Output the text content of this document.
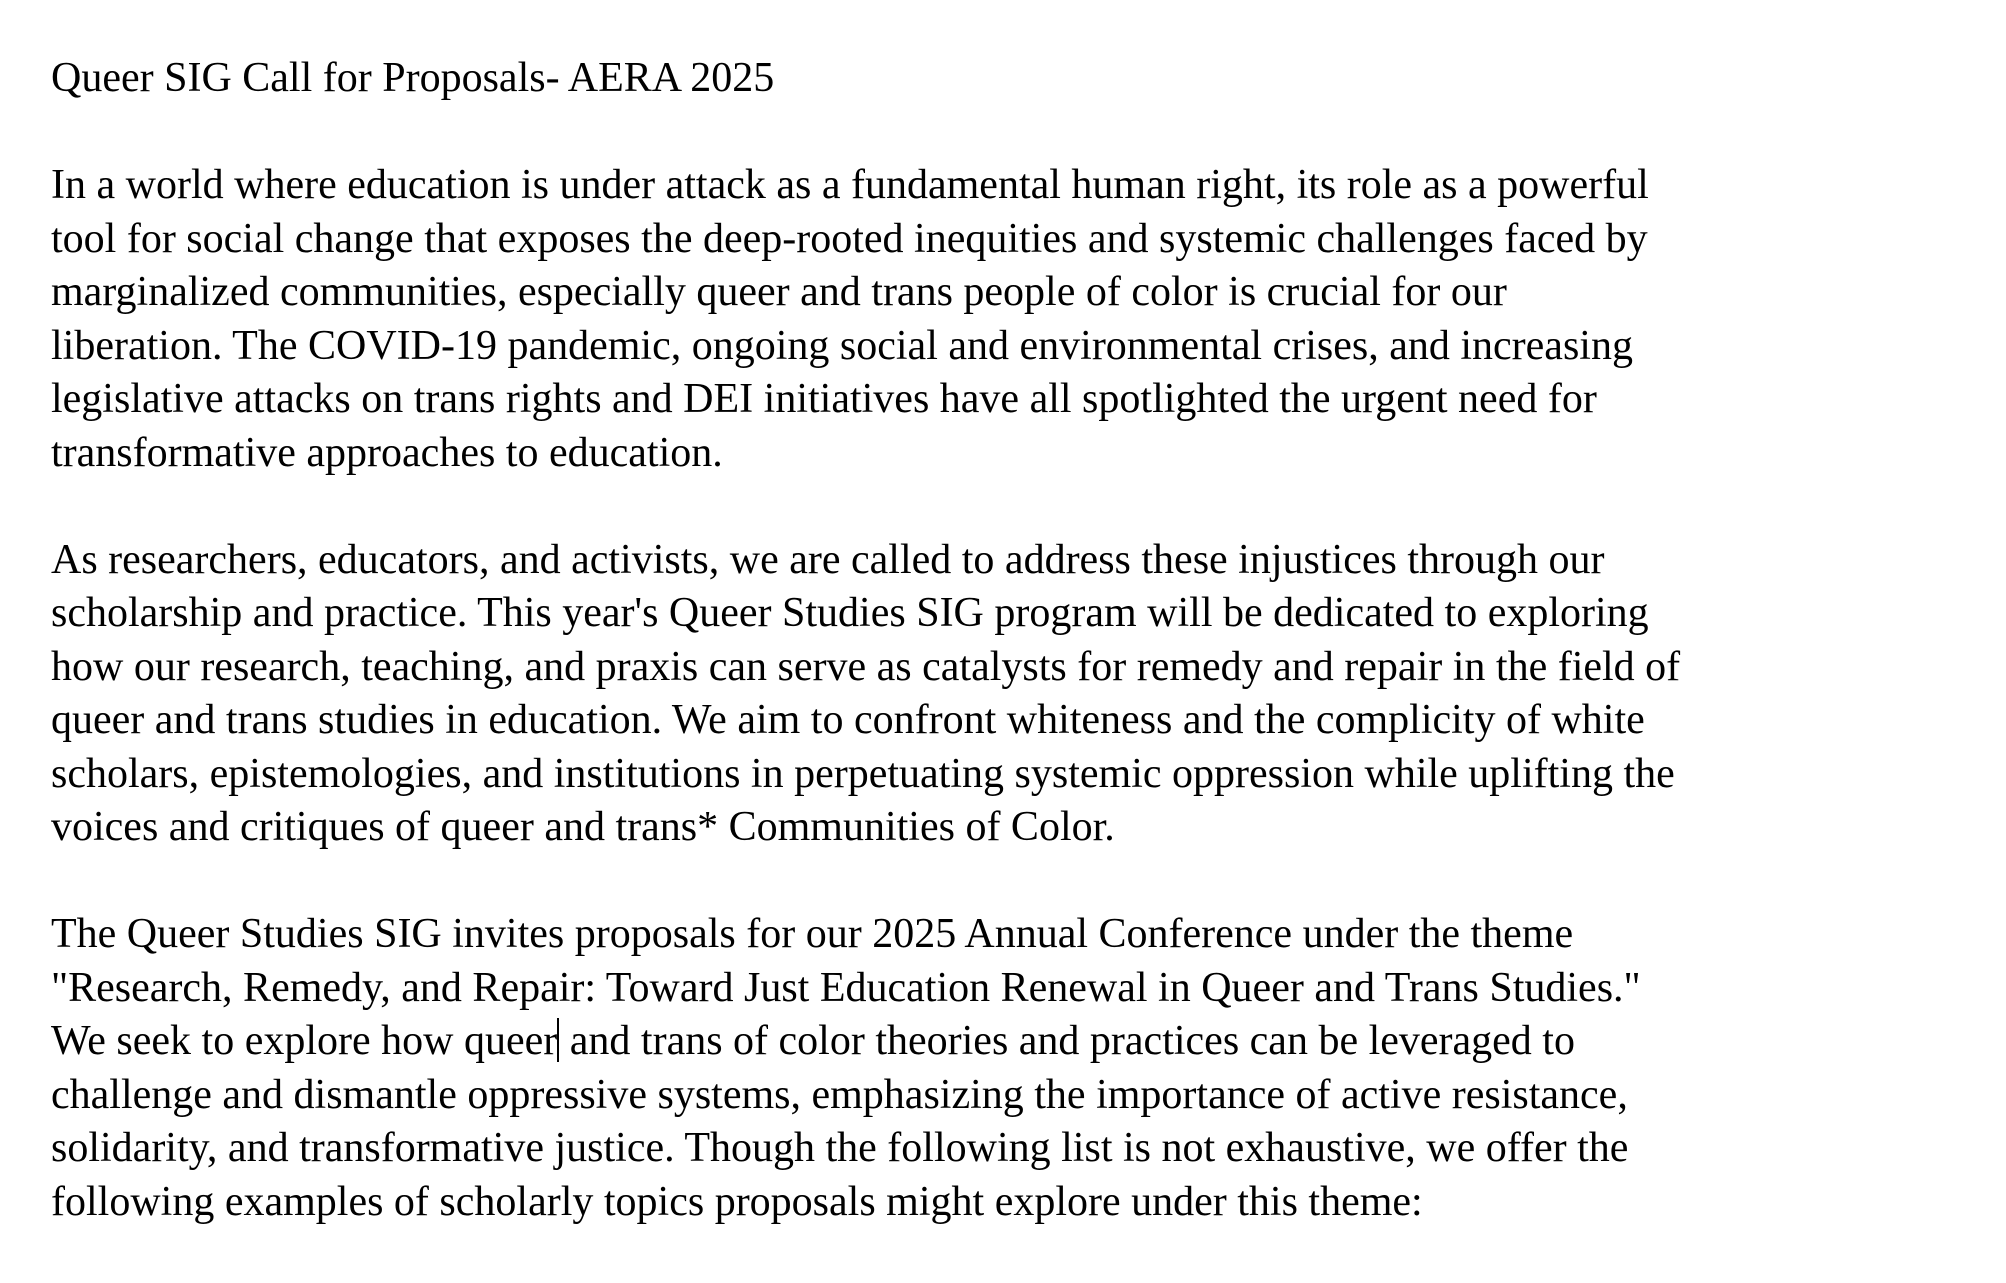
Queer SIG Call for Proposals- AERA 2025
In a world where education is under attack as a fundamental human right, its role as a powerful
tool for social change that exposes the deep-rooted inequities and systemic challenges faced by
marginalized communities, especially queer and trans people of color is crucial for our
liberation. The COVID-19 pandemic, ongoing social and environmental crises, and increasing
legislative attacks on trans rights and DEI initiatives have all spotlighted the urgent need for
transformative approaches to education.
As researchers, educators, and activists, we are called to address these injustices through our
scholarship and practice. This year's Queer Studies SIG program will be dedicated to exploring
how our research, teaching, and praxis can serve as catalysts for remedy and repair in the field of
queer and trans studies in education. We aim to confront whiteness and the complicity of white
scholars, epistemologies, and institutions in perpetuating systemic oppression while uplifting the
voices and critiques of queer and trans* Communities of Color.
The Queer Studies SIG invites proposals for our 2025 Annual Conference under the theme
"Research, Remedy, and Repair: Toward Just Education Renewal in Queer and Trans Studies."
We seek to explore how queer and trans of color theories and practices can be leveraged to
challenge and dismantle oppressive systems, emphasizing the importance of active resistance,
solidarity, and transformative justice. Though the following list is not exhaustive, we offer the
following examples of scholarly topics proposals might explore under this theme:
